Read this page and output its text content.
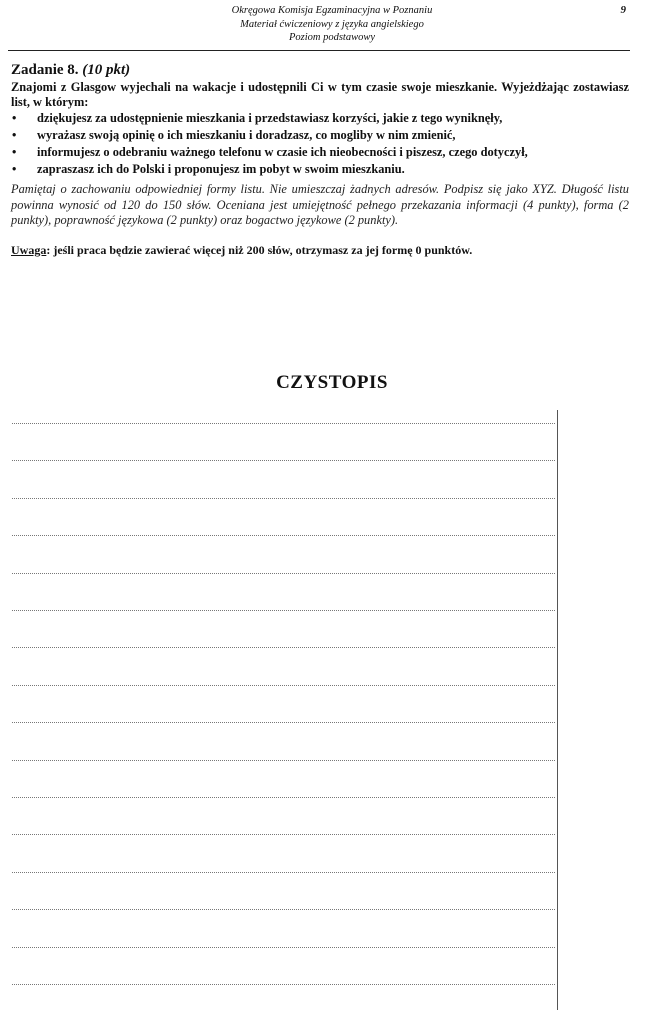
Okręgowa Komisja Egzaminacyjna w Poznaniu
Materiał ćwiczeniowy z języka angielskiego
Poziom podstawowy
9
Zadanie 8. (10 pkt)
Znajomi z Glasgow wyjechali na wakacje i udostępnili Ci w tym czasie swoje mieszkanie. Wyjeżdżając zostawiasz list, w którym:
• dziękujesz za udostępnienie mieszkania i przedstawiasz korzyści, jakie z tego wyniknęły,
• wyrażasz swoją opinię o ich mieszkaniu i doradzasz, co mogliby w nim zmienić,
• informujesz o odebraniu ważnego telefonu w czasie ich nieobecności i piszesz, czego dotyczył,
• zapraszasz ich do Polski i proponujesz im pobyt w swoim mieszkaniu.
Pamiętaj o zachowaniu odpowiedniej formy listu. Nie umieszczaj żadnych adresów. Podpisz się jako XYZ. Długość listu powinna wynosić od 120 do 150 słów. Oceniana jest umiejętność pełnego przekazania informacji (4 punkty), forma (2 punkty), poprawność językowa (2 punkty) oraz bogactwo językowe (2 punkty).
Uwaga: jeśli praca będzie zawierać więcej niż 200 słów, otrzymasz za jej formę 0 punktów.
CZYSTOPIS
